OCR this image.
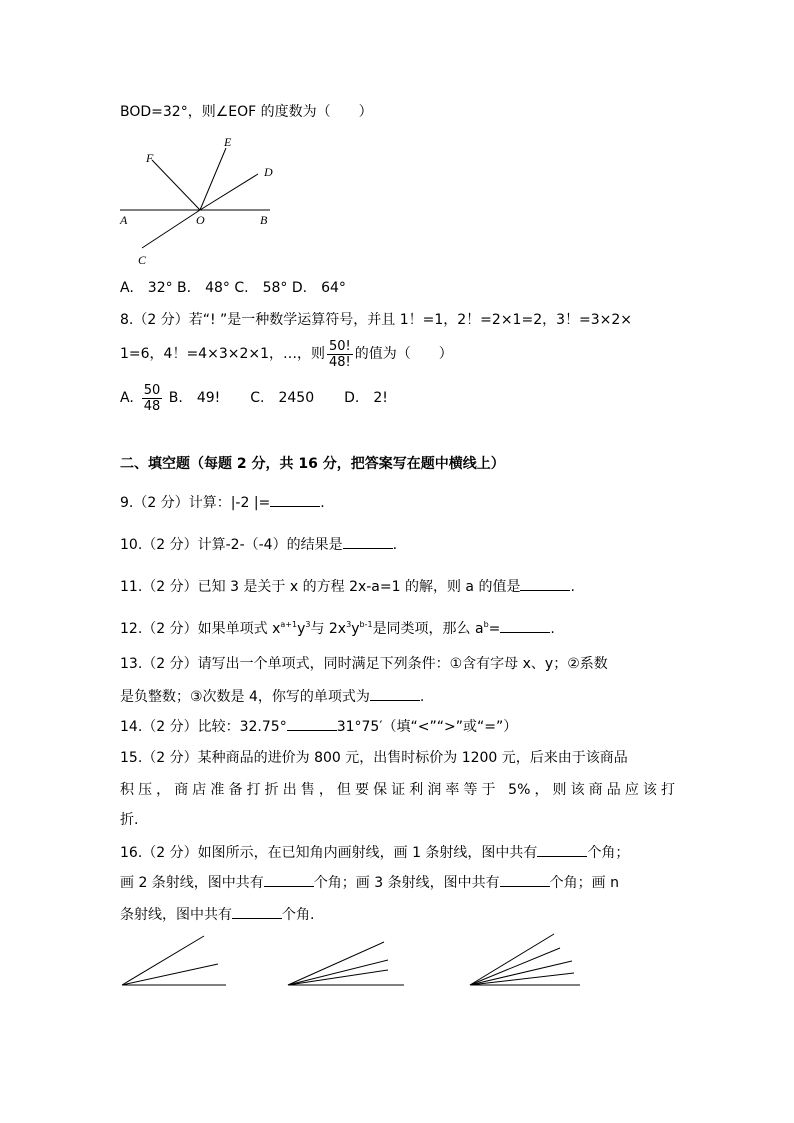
BOD=32°，则∠EOF 的度数为（　　）
F
E
D
A	O	B
C
A.　32° B.　48° C.　58° D.　64°
8.（2 分）若“! ”是一种数学运算符号，并且 1！=1，2！=2×1=2，3！=3×2×
1=6，4！=4×3×2×1，…，则 $\frac{50!}{48!}$ 的值为（　　）
A. $\frac{50}{48} B$.　49! C.　2450 D.　2!
二、填空题（每题 2 分，共 16 分，把答案写在题中横线上）
9.（2 分）计算：|-2 |=	.
10.（2 分）计算-2-（-4）的结果是	.
11.（2 分）已知 3 是关于 x 的方程 2x-a=1 的解，则 a 的值是	.
12.（2 分）如果单项式 $x^{a+1}y^3$与 $2x^3y^{b-1}$是同类项，那么 $a^b=$	.
13.（2 分）请写出一个单项式，同时满足下列条件：①含有字母 x、y；②系数
是负整数；③次数是 4，你写的单项式为	.
14.（2 分）比较：32.75°	31°75′（填“<”“>”或“=”）
15.（2 分）某种商品的进价为 800 元，出售时标价为 1200 元，后来由于该商品
积压，商店准备打折出售，但要保证利润率等于 5%，则该商品应该打
折.
16.（2 分）如图所示，在已知角内画射线，画 1 条射线，图中共有	个角；
画 2 条射线，图中共有	个角；画 3 条射线，图中共有	个角；画 n
条射线，图中共有	个角.
